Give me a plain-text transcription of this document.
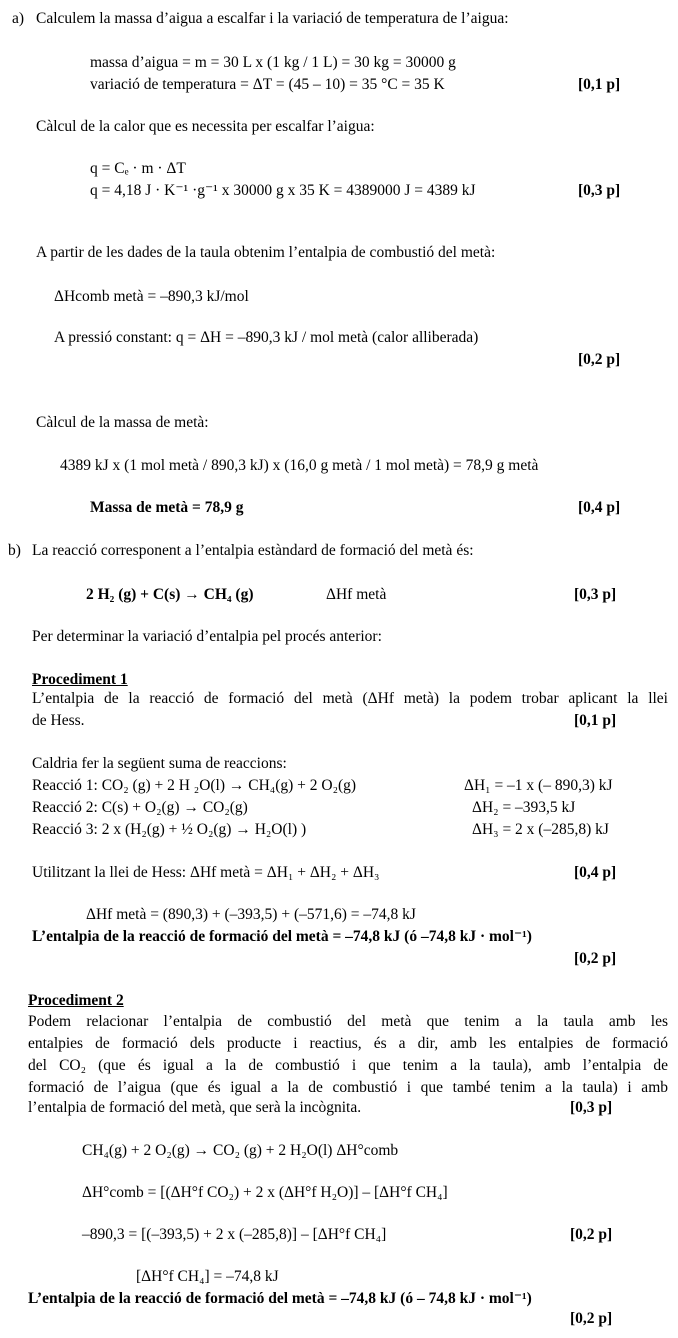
a) Calculem la massa d’aigua a escalfar i la variació de temperatura de l’aigua:
massa d’aigua = m = 30 L x (1 kg / 1 L) = 30 kg = 30000 g
variació de temperatura = ΔT = (45 – 10) = 35 °C = 35 K	[0,1 p]
Càlcul de la calor que es necessita per escalfar l’aigua:
q = Cₑ · m · ΔT
q = 4,18 J · K⁻¹ ·g⁻¹ x 30000 g x 35 K = 4389000 J = 4389 kJ	[0,3 p]
A partir de les dades de la taula obtenim l’entalpia de combustió del metà:
ΔHcomb metà = –890,3 kJ/mol
A pressió constant: q = ΔH = –890,3 kJ / mol metà (calor alliberada)
[0,2 p]
Càlcul de la massa de metà:
4389 kJ x (1 mol metà / 890,3 kJ) x (16,0 g metà / 1 mol metà) = 78,9 g metà
Massa de metà = 78,9 g	[0,4 p]
b) La reacció corresponent a l’entalpia estàndard de formació del metà és:
2 H₂ (g) + C(s) → CH₄ (g)	ΔHf metà	[0,3 p]
Per determinar la variació d’entalpia pel procés anterior:
Procediment 1
L’entalpia de la reacció de formació del metà (ΔHf metà) la podem trobar aplicant la llei
de Hess.	[0,1 p]
Caldria fer la següent suma de reaccions:
Reacció 1: CO₂ (g) + 2 H ₂O(l) → CH₄(g) + 2 O₂(g)	ΔH₁ = –1 x (– 890,3) kJ
Reacció 2: C(s) + O₂(g) → CO₂(g)	ΔH₂ = –393,5 kJ
Reacció 3: 2 x (H₂(g) + ½ O₂(g) → H₂O(l) )	ΔH₃ = 2 x (–285,8) kJ
Utilitzant la llei de Hess: ΔHf metà = ΔH₁ + ΔH₂ + ΔH₃	[0,4 p]
ΔHf metà = (890,3) + (–393,5) + (–571,6) = –74,8 kJ
L’entalpia de la reacció de formació del metà = –74,8 kJ (ó –74,8 kJ · mol⁻¹)
[0,2 p]
Procediment 2
Podem relacionar l’entalpia de combustió del metà que tenim a la taula amb les
entalpies de formació dels producte i reactius, és a dir, amb les entalpies de formació
del CO₂ (que és igual a la de combustió i que tenim a la taula), amb l’entalpia de
formació de l’aigua (que és igual a la de combustió i que també tenim a la taula) i amb
l’entalpia de formació del metà, que serà la incògnita.	[0,3 p]
CH₄(g) + 2 O₂(g) → CO₂ (g) + 2 H₂O(l) ΔH°comb
ΔH°comb = [(ΔH°f CO₂) + 2 x (ΔH°f H₂O)] – [ΔH°f CH₄]
–890,3 = [(–393,5) + 2 x (–285,8)] – [ΔH°f CH₄]	[0,2 p]
[ΔH°f CH₄] = –74,8 kJ
L’entalpia de la reacció de formació del metà = –74,8 kJ (ó – 74,8 kJ · mol⁻¹)
[0,2 p]
